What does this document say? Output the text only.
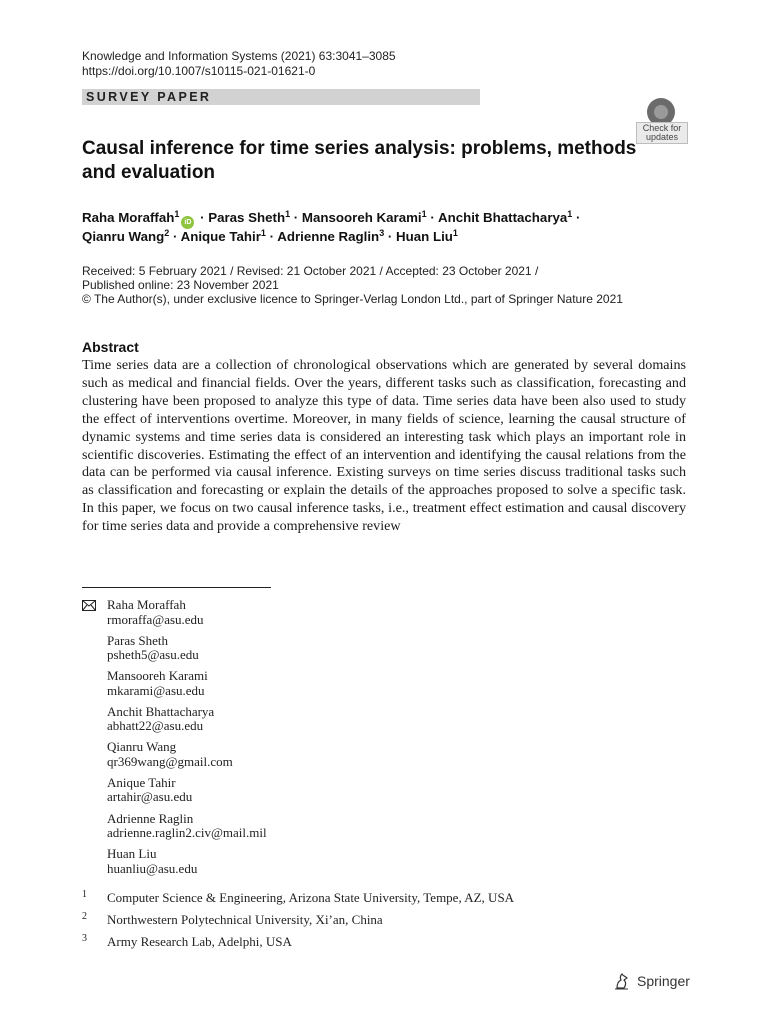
Knowledge and Information Systems (2021) 63:3041–3085
https://doi.org/10.1007/s10115-021-01621-0
SURVEY PAPER
Check for
updates
Causal inference for time series analysis: problems, methods and evaluation
Raha Moraffah$^1$iD · Paras Sheth$^1$ · Mansooreh Karami$^1$ · Anchit Bhattacharya$^1$ ·
Qianru Wang$^2$ · Anique Tahir$^1$ · Adrienne Raglin$^3$ · Huan Liu$^1$
Received: 5 February 2021 / Revised: 21 October 2021 / Accepted: 23 October 2021 /
Published online: 23 November 2021
© The Author(s), under exclusive licence to Springer-Verlag London Ltd., part of Springer Nature 2021
Abstract
Time series data are a collection of chronological observations which are generated by several domains such as medical and financial fields. Over the years, different tasks such as classification, forecasting and clustering have been proposed to analyze this type of data. Time series data have been also used to study the effect of interventions overtime. Moreover, in many fields of science, learning the causal structure of dynamic systems and time series data is considered an interesting task which plays an important role in scientific discoveries. Estimating the effect of an intervention and identifying the causal relations from the data can be performed via causal inference. Existing surveys on time series discuss traditional tasks such as classification and forecasting or explain the details of the approaches proposed to solve a specific task. In this paper, we focus on two causal inference tasks, i.e., treatment effect estimation and causal discovery for time series data and provide a comprehensive review
Raha Moraffah
rmoraffa@asu.edu
Paras Sheth
psheth5@asu.edu
Mansooreh Karami
mkarami@asu.edu
Anchit Bhattacharya
abhatt22@asu.edu
Qianru Wang
qr369wang@gmail.com
Anique Tahir
artahir@asu.edu
Adrienne Raglin
adrienne.raglin2.civ@mail.mil
Huan Liu
huanliu@asu.edu
1 Computer Science & Engineering, Arizona State University, Tempe, AZ, USA
2 Northwestern Polytechnical University, Xi’an, China
3 Army Research Lab, Adelphi, USA
Springer
